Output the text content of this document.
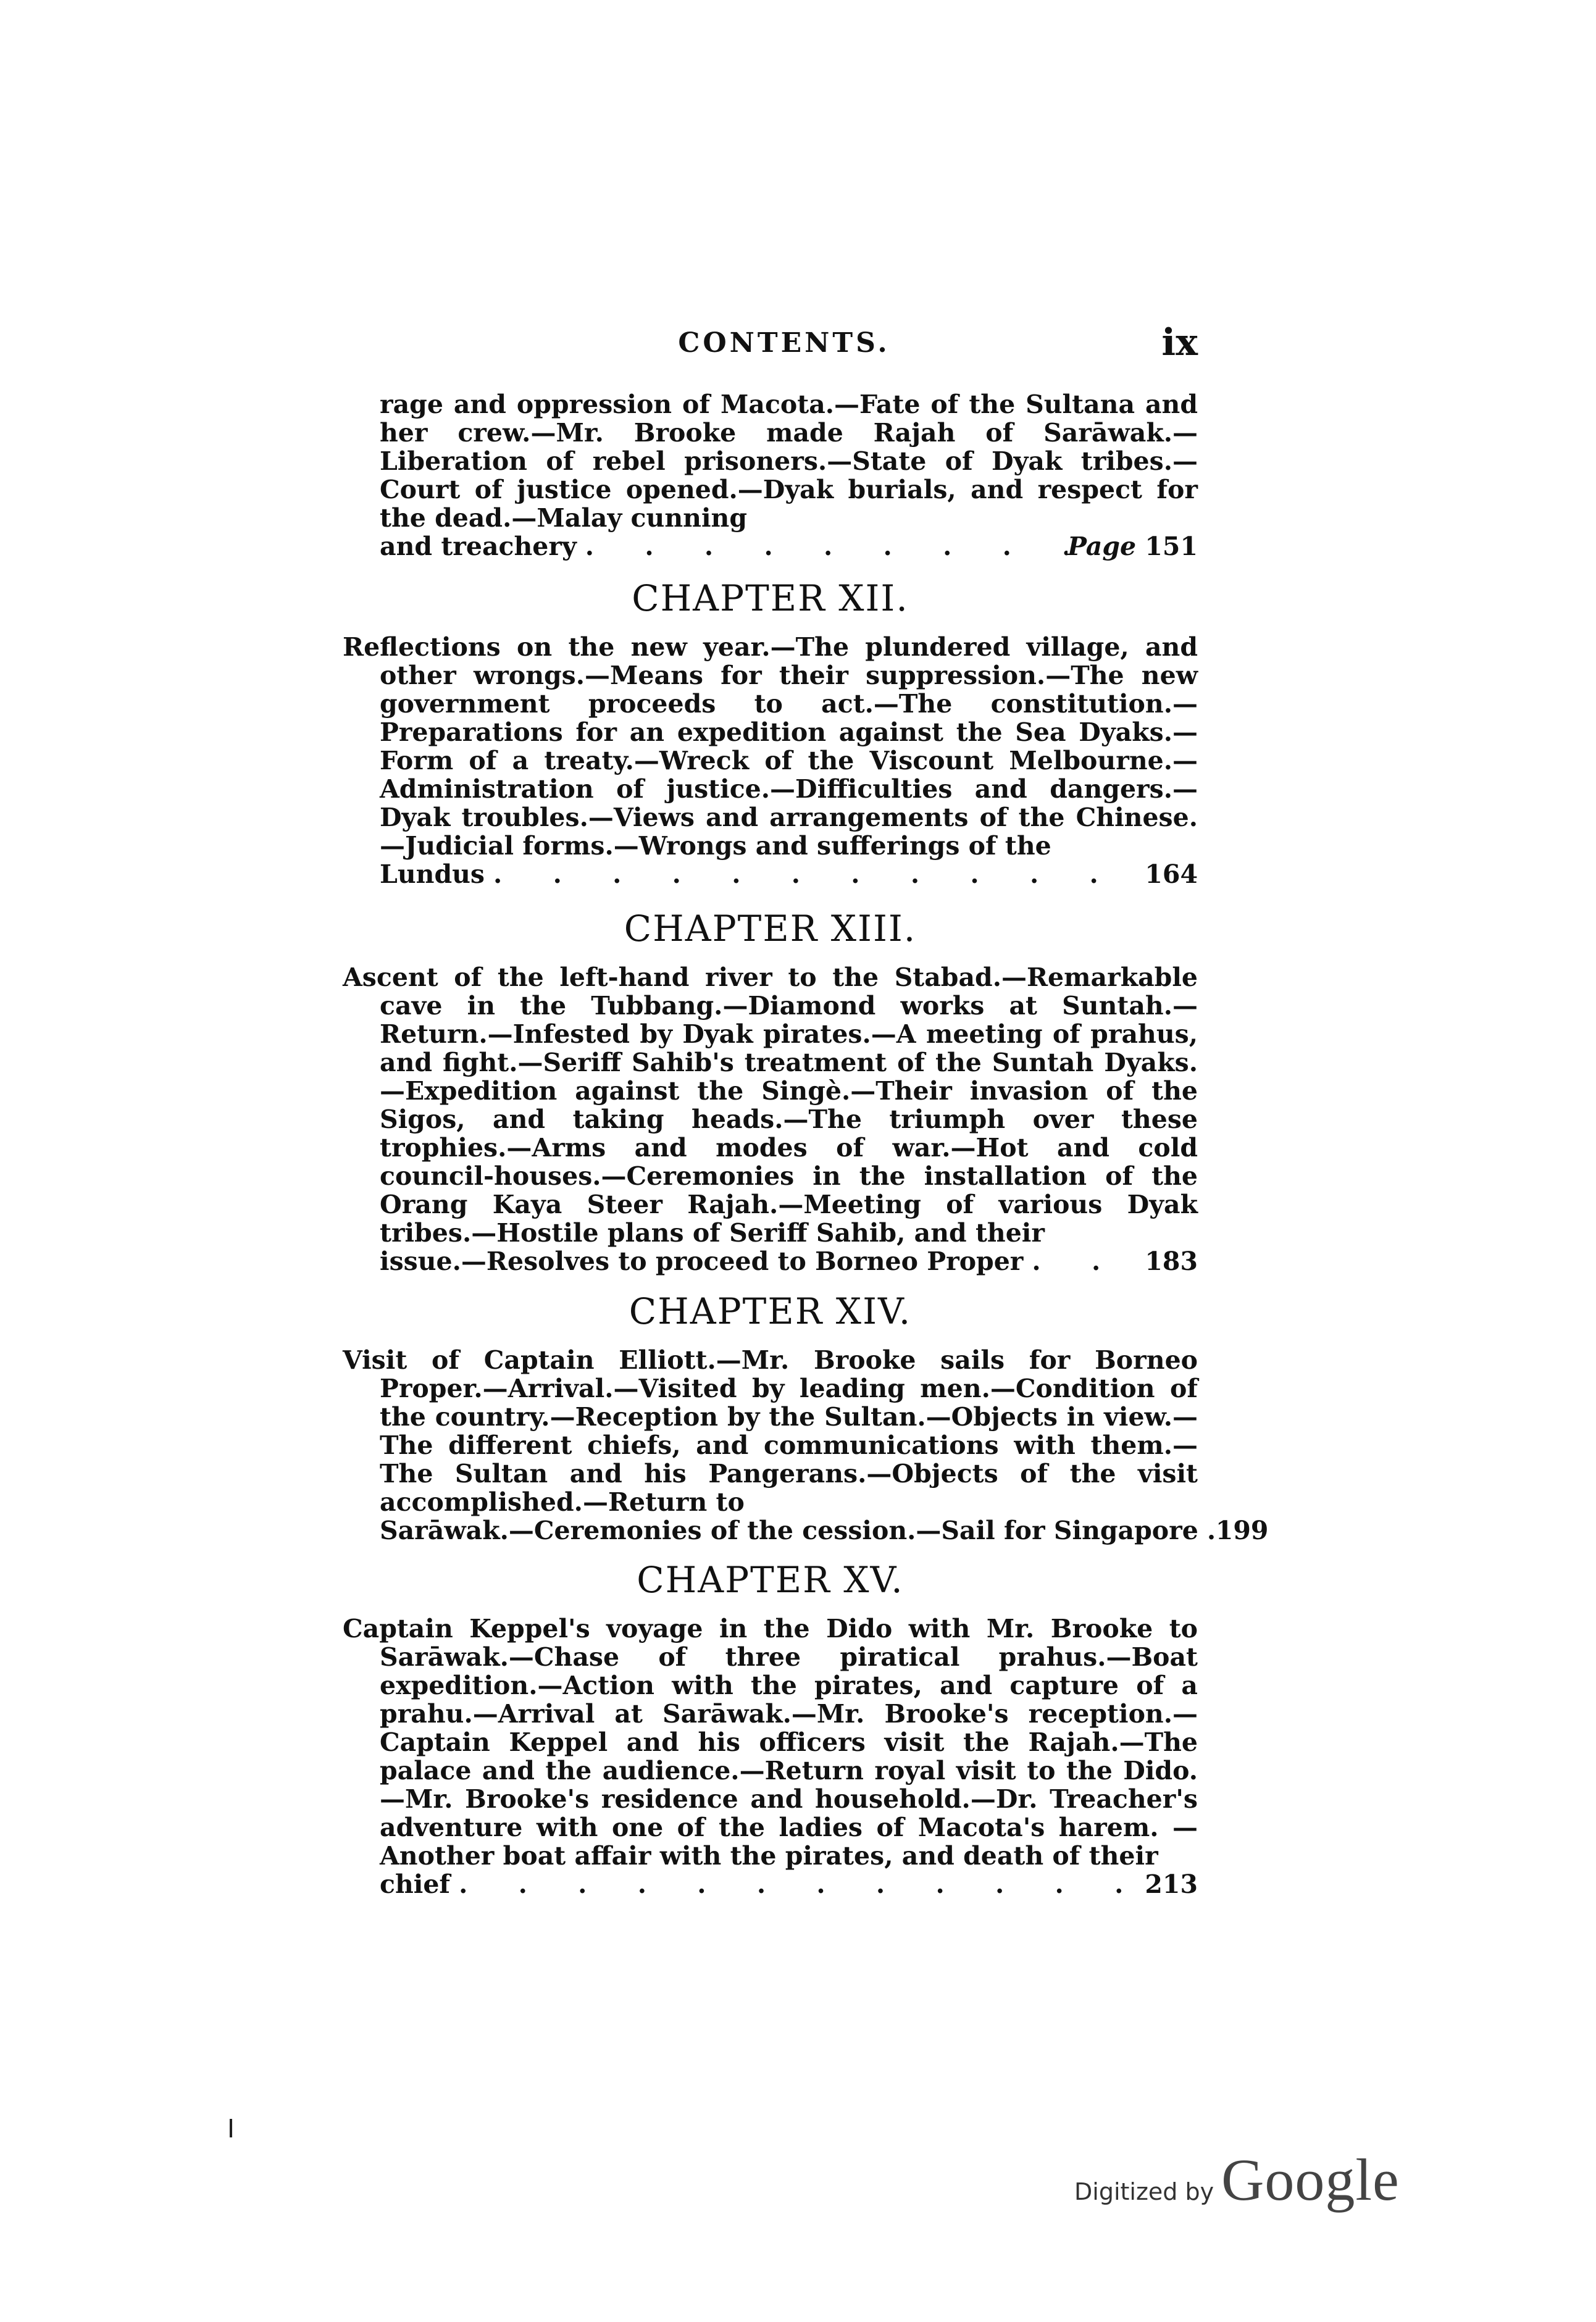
CONTENTS.	ix
rage and oppression of Macota.—Fate of the Sultana and her crew.—Mr. Brooke made Rajah of Sarāwak.—Liberation of rebel prisoners.—State of Dyak tribes.—Court of justice opened.—Dyak burials, and respect for the dead.—Malay cunning
and treachery . . .	Page 151
CHAPTER XII.
Reflections on the new year.—The plundered village, and other wrongs.—Means for their suppression.—The new government proceeds to act.—The constitution.—Preparations for an expedition against the Sea Dyaks.—Form of a treaty.—Wreck of the Viscount Melbourne.—Administration of justice.—Difficulties and dangers.—Dyak troubles.—Views and arrangements of the Chinese.—Judicial forms.—Wrongs and sufferings of the
Lundus . . .	164
CHAPTER XIII.
Ascent of the left-hand river to the Stabad.—Remarkable cave in the Tubbang.—Diamond works at Suntah.—Return.—Infested by Dyak pirates.—A meeting of prahus, and fight.—Seriff Sahib's treatment of the Suntah Dyaks.—Expedition against the Singè.—Their invasion of the Sigos, and taking heads.—The triumph over these trophies.—Arms and modes of war.—Hot and cold council-houses.—Ceremonies in the installation of the Orang Kaya Steer Rajah.—Meeting of various Dyak tribes.—Hostile plans of Seriff Sahib, and their
issue.—Resolves to proceed to Borneo Proper . . .	183
CHAPTER XIV.
Visit of Captain Elliott.—Mr. Brooke sails for Borneo Proper.—Arrival.—Visited by leading men.—Condition of the country.—Reception by the Sultan.—Objects in view.—The different chiefs, and communications with them.—The Sultan and his Pangerans.—Objects of the visit accomplished.—Return to
Sarāwak.—Ceremonies of the cession.—Sail for Singapore . . . 199
CHAPTER XV.
Captain Keppel's voyage in the Dido with Mr. Brooke to Sarāwak.—Chase of three piratical prahus.—Boat expedition.—Action with the pirates, and capture of a prahu.—Arrival at Sarāwak.—Mr. Brooke's reception.—Captain Keppel and his officers visit the Rajah.—The palace and the audience.—Return royal visit to the Dido.—Mr. Brooke's residence and household.—Dr. Treacher's adventure with one of the ladies of Macota's harem. —Another boat affair with the pirates, and death of their
chief . . .	213
Digitized by Google
